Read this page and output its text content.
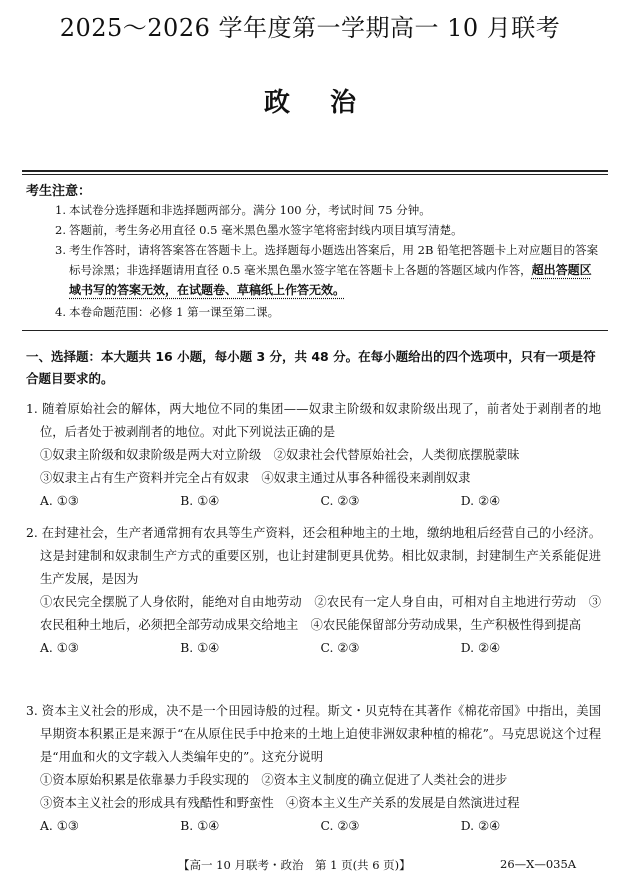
2025～2026 学年度第一学期高一 10 月联考
政治
考生注意：
1. 本试卷分选择题和非选择题两部分。满分 100 分，考试时间 75 分钟。
2. 答题前，考生务必用直径 0.5 毫米黑色墨水签字笔将密封线内项目填写清楚。
3. 考生作答时，请将答案答在答题卡上。选择题每小题选出答案后，用 2B 铅笔把答题卡上对应题目的答案标号涂黑；非选择题请用直径 0.5 毫米黑色墨水签字笔在答题卡上各题的答题区域内作答，超出答题区域书写的答案无效，在试题卷、草稿纸上作答无效。
4. 本卷命题范围：必修 1 第一课至第二课。
一、选择题：本大题共 16 小题，每小题 3 分，共 48 分。在每小题给出的四个选项中，只有一项是符合题目要求的。
1. 随着原始社会的解体，两大地位不同的集团——奴隶主阶级和奴隶阶级出现了，前者处于剥削者的地位，后者处于被剥削者的地位。对此下列说法正确的是
①奴隶主阶级和奴隶阶级是两大对立阶级　②奴隶社会代替原始社会，人类彻底摆脱蒙昧
③奴隶主占有生产资料并完全占有奴隶　④奴隶主通过从事各种徭役来剥削奴隶
A. ①③	B. ①④	C. ②③	D. ②④
2. 在封建社会，生产者通常拥有农具等生产资料，还会租种地主的土地，缴纳地租后经营自己的小经济。这是封建制和奴隶制生产方式的重要区别，也让封建制更具优势。相比奴隶制，封建制生产关系能促进生产发展，是因为
①农民完全摆脱了人身依附，能绝对自由地劳动　②农民有一定人身自由，可相对自主地进行劳动　③农民租种土地后，必须把全部劳动成果交给地主　④农民能保留部分劳动成果，生产积极性得到提高
A. ①③	B. ①④	C. ②③	D. ②④
3. 资本主义社会的形成，决不是一个田园诗般的过程。斯文・贝克特在其著作《棉花帝国》中指出，美国早期资本积累正是来源于“在从原住民手中抢来的土地上迫使非洲奴隶种植的棉花”。马克思说这个过程是“用血和火的文字载入人类编年史的”。这充分说明
①资本原始积累是依靠暴力手段实现的　②资本主义制度的确立促进了人类社会的进步
③资本主义社会的形成具有残酷性和野蛮性　④资本主义生产关系的发展是自然演进过程
A. ①③	B. ①④	C. ②③	D. ②④
【高一 10 月联考・政治　第 1 页(共 6 页)】	26—X—035A
